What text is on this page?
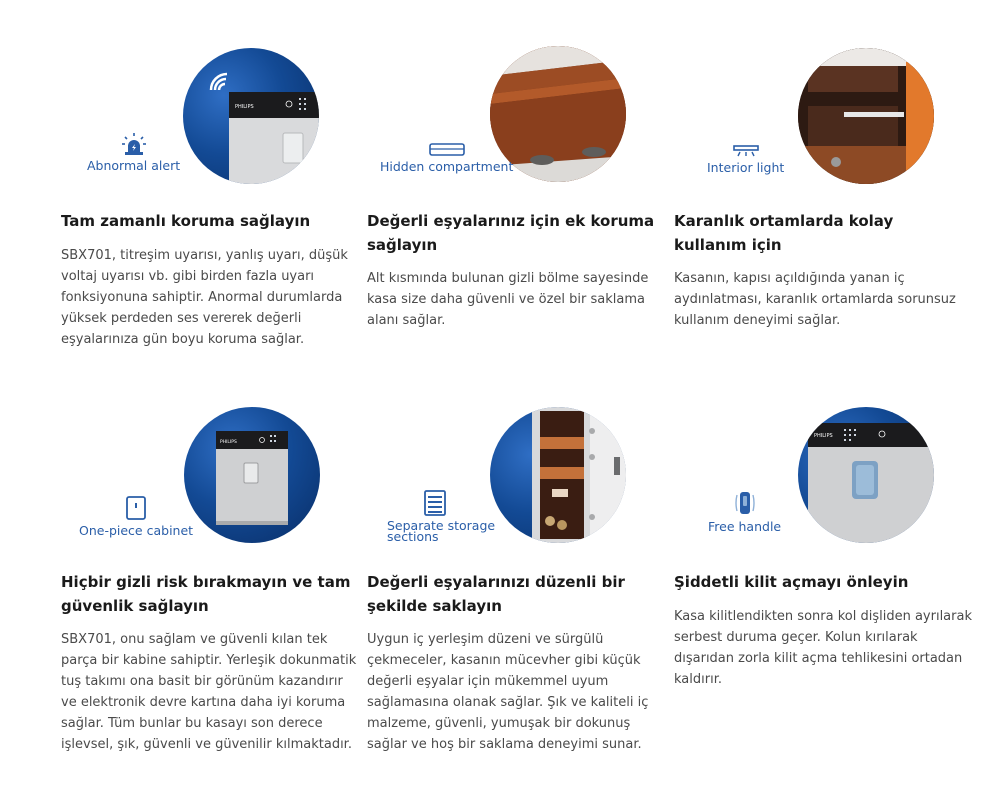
PHILIPS
Abnormal alert
Tam zamanlı koruma sağlayın

SBX701, titreşim uyarısı, yanlış uyarı, düşük voltaj uyarısı vb. gibi birden fazla uyarı fonksiyonuna sahiptir. Anormal durumlarda yüksek perdeden ses vererek değerli eşyalarınıza gün boyu koruma sağlar.

Hidden compartment
Değerli eşyalarınız için ek koruma sağlayın

Alt kısmında bulunan gizli bölme sayesinde kasa size daha güvenli ve özel bir saklama alanı sağlar.

Interior light
Karanlık ortamlarda kolay kullanım için

Kasanın, kapısı açıldığında yanan iç aydınlatması, karanlık ortamlarda sorunsuz kullanım deneyimi sağlar.

PHILIPS
One-piece cabinet
Hiçbir gizli risk bırakmayın ve tam güvenlik sağlayın

SBX701, onu sağlam ve güvenli kılan tek parça bir kabine sahiptir. Yerleşik dokunmatik tuş takımı ona basit bir görünüm kazandırır ve elektronik devre kartına daha iyi koruma sağlar. Tüm bunlar bu kasayı son derece işlevsel, şık, güvenli ve güvenilir kılmaktadır.

Separate storage sections
Değerli eşyalarınızı düzenli bir şekilde saklayın

Uygun iç yerleşim düzeni ve sürgülü çekmeceler, kasanın mücevher gibi küçük değerli eşyalar için mükemmel uyum sağlamasına olanak sağlar. Şık ve kaliteli iç malzeme, güvenli, yumuşak bir dokunuş sağlar ve hoş bir saklama deneyimi sunar.

PHILIPS
Free handle
Şiddetli kilit açmayı önleyin

Kasa kilitlendikten sonra kol dişliden ayrılarak serbest duruma geçer. Kolun kırılarak dışarıdan zorla kilit açma tehlikesini ortadan kaldırır.
